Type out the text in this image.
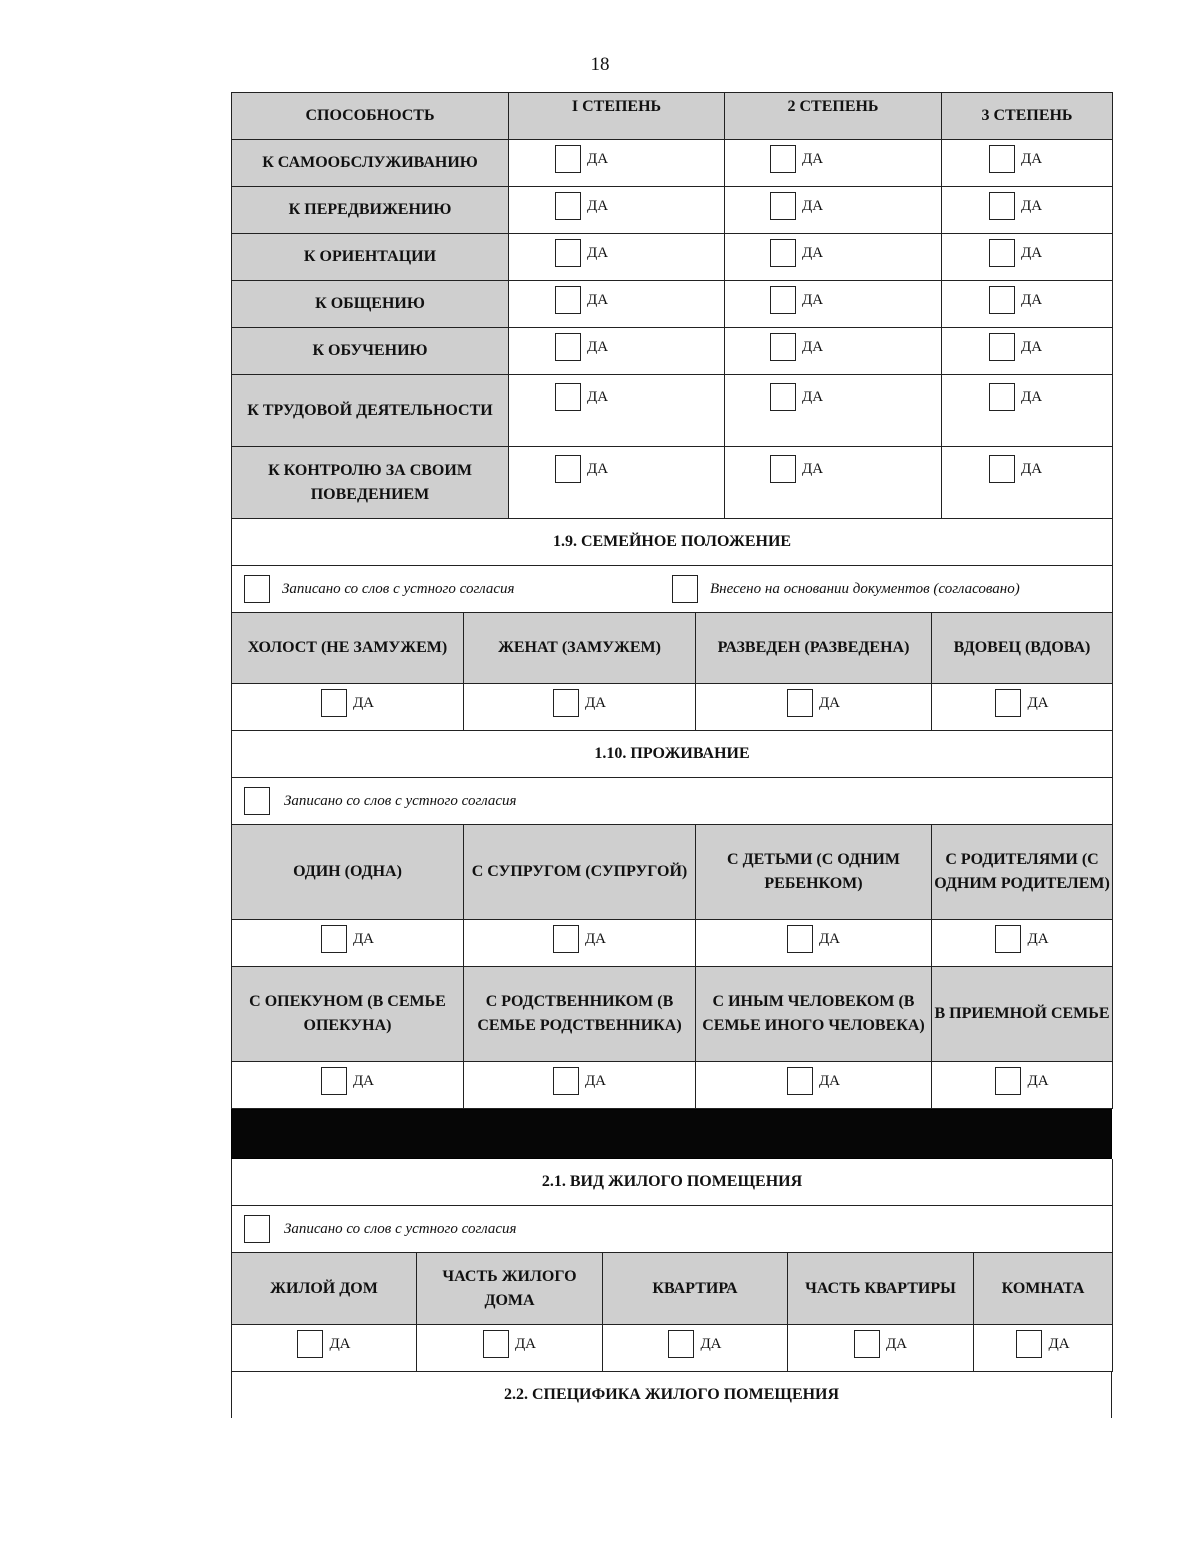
18
СПОСОБНОСТЬ	I СТЕПЕНЬ	2 СТЕПЕНЬ	3 СТЕПЕНЬ
К САМООБСЛУЖИВАНИЮ	ДА	ДА	ДА

К ПЕРЕДВИЖЕНИЮ	ДА	ДА	ДА

К ОРИЕНТАЦИИ	ДА	ДА	ДА

К ОБЩЕНИЮ	ДА	ДА	ДА

К ОБУЧЕНИЮ	ДА	ДА	ДА

К ТРУДОВОЙ ДЕЯТЕЛЬНОСТИ	ДА	ДА	ДА

К КОНТРОЛЮ ЗА СВОИМ ПОВЕДЕНИЕМ	ДА	ДА	ДА
1.9. СЕМЕЙНОЕ ПОЛОЖЕНИЕ			

Записано со слов с устного согласия Внесено на основании документов (согласовано)			

ХОЛОСТ (НЕ ЗАМУЖЕМ)	ЖЕНАТ (ЗАМУЖЕМ)	РАЗВЕДЕН (РАЗВЕДЕНА)	ВДОВЕЦ (ВДОВА)

ДА	ДА	ДА	ДА
1.10. ПРОЖИВАНИЕ			

Записано со слов с устного согласия			

ОДИН (ОДНА)	С СУПРУГОМ (СУПРУГОЙ)	С ДЕТЬМИ (С ОДНИМ РЕБЕНКОМ)	С РОДИТЕЛЯМИ (С ОДНИМ РОДИТЕЛЕМ)

ДА	ДА	ДА	ДА

С ОПЕКУНОМ (В СЕМЬЕ ОПЕКУНА)	С РОДСТВЕННИКОМ (В СЕМЬЕ РОДСТВЕННИКА)	С ИНЫМ ЧЕЛОВЕКОМ (В СЕМЬЕ ИНОГО ЧЕЛОВЕКА)	В ПРИЕМНОЙ СЕМЬЕ

ДА	ДА	ДА	ДА
2.1. ВИД ЖИЛОГО ПОМЕЩЕНИЯ				

Записано со слов с устного согласия				

ЖИЛОЙ ДОМ	ЧАСТЬ ЖИЛОГО ДОМА	КВАРТИРА	ЧАСТЬ КВАРТИРЫ	КОМНАТА

ДА	ДА	ДА	ДА	ДА
2.2. СПЕЦИФИКА ЖИЛОГО ПОМЕЩЕНИЯ
